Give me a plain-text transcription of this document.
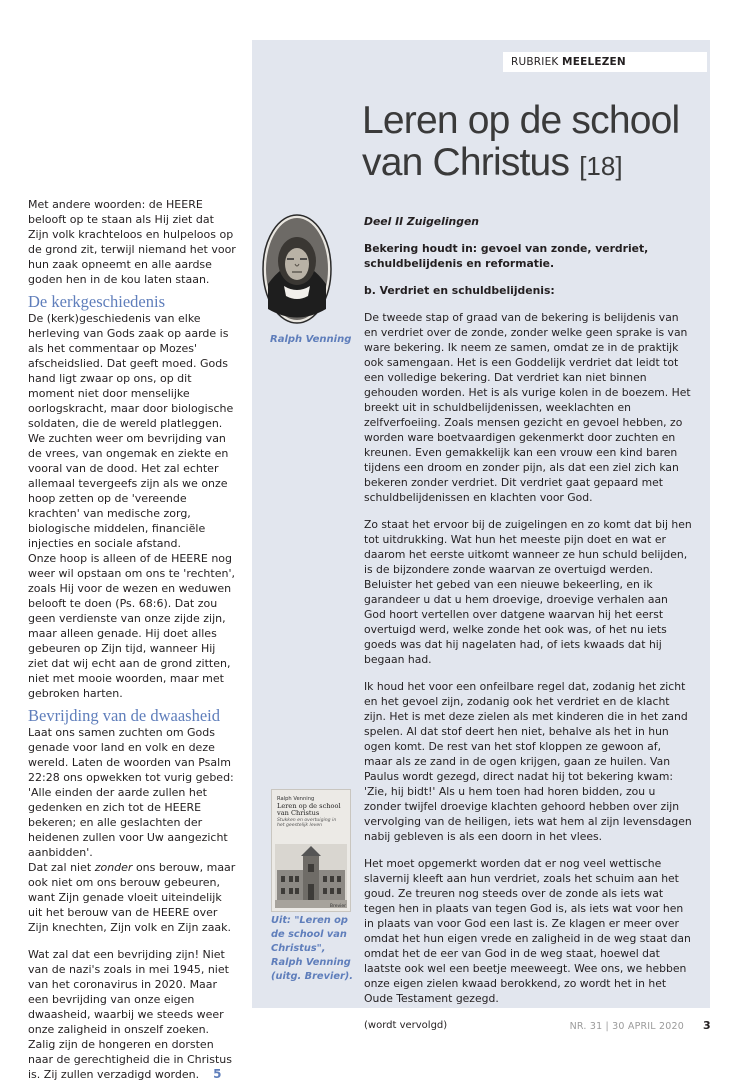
RUBRIEK MEELEZEN
Leren op de school
van Christus [18]

Met andere woorden: de HEERE belooft op te staan als Hij ziet dat Zijn volk krachteloos en hulpeloos op de grond zit, terwijl niemand het voor hun zaak opneemt en alle aardse goden hen in de kou laten staan.

De kerkgeschiedenis

De (kerk)geschiedenis van elke herleving van Gods zaak op aarde is als het commentaar op Mozes' afscheidslied. Dat geeft moed. Gods hand ligt zwaar op ons, op dit moment niet door menselijke oorlogskracht, maar door biologische soldaten, die de wereld platleggen. We zuchten weer om bevrijding van de vrees, van ongemak en ziekte en vooral van de dood. Het zal echter allemaal tevergeefs zijn als we onze hoop zetten op de 'vereende krachten' van medische zorg, biologische middelen, financiële injecties en sociale afstand.

Onze hoop is alleen of de HEERE nog weer wil opstaan om ons te 'rechten', zoals Hij voor de wezen en weduwen belooft te doen (Ps. 68:6). Dat zou geen verdienste van onze zijde zijn, maar alleen genade. Hij doet alles gebeuren op Zijn tijd, wanneer Hij ziet dat wij echt aan de grond zitten, niet met mooie woorden, maar met gebroken harten.

Bevrijding van de dwaasheid

Laat ons samen zuchten om Gods genade voor land en volk en deze wereld. Laten de woorden van Psalm 22:28 ons opwekken tot vurig gebed: 'Alle einden der aarde zullen het gedenken en zich tot de HEERE bekeren; en alle geslachten der heidenen zullen voor Uw aangezicht aanbidden'.

Dat zal niet zonder ons berouw, maar ook niet om ons berouw gebeuren, want Zijn genade vloeit uiteindelijk uit het berouw van de HEERE over Zijn knechten, Zijn volk en Zijn zaak.

Wat zal dat een bevrijding zijn! Niet van de nazi's zoals in mei 1945, niet van het coronavirus in 2020. Maar een bevrijding van onze eigen dwaasheid, waarbij we steeds weer onze zaligheid in onszelf zoeken. Zalig zijn de hongeren en dorsten naar de gerechtigheid die in Christus is. Zij zullen verzadigd worden. 5

Ralph Venning

Deel II Zuigelingen

Bekering houdt in: gevoel van zonde, verdriet, schuldbelijdenis en reformatie.

b. Verdriet en schuldbelijdenis:

De tweede stap of graad van de bekering is belijdenis van en verdriet over de zonde, zonder welke geen sprake is van ware bekering. Ik neem ze samen, omdat ze in de praktijk ook samengaan. Het is een Goddelijk verdriet dat leidt tot een volledige bekering. Dat verdriet kan niet binnen gehouden worden. Het is als vurige kolen in de boezem. Het breekt uit in schuldbelijdenissen, weeklachten en zelfverfoeiing. Zoals mensen gezicht en gevoel hebben, zo worden ware boetvaardigen gekenmerkt door zuchten en kreunen. Even gemakkelijk kan een vrouw een kind baren tijdens een droom en zonder pijn, als dat een ziel zich kan bekeren zonder verdriet. Dit verdriet gaat gepaard met schuldbelijdenissen en klachten voor God.

Zo staat het ervoor bij de zuigelingen en zo komt dat bij hen tot uitdrukking. Wat hun het meeste pijn doet en wat er daarom het eerste uitkomt wanneer ze hun schuld belijden, is de bijzondere zonde waarvan ze overtuigd werden. Beluister het gebed van een nieuwe bekeerling, en ik garandeer u dat u hem droevige, droevige verhalen aan God hoort vertellen over datgene waarvan hij het eerst overtuigd werd, welke zonde het ook was, of het nu iets goeds was dat hij nagelaten had, of iets kwaads dat hij begaan had.

Ik houd het voor een onfeilbare regel dat, zodanig het zicht en het gevoel zijn, zodanig ook het verdriet en de klacht zijn. Het is met deze zielen als met kinderen die in het zand spelen. Al dat stof deert hen niet, behalve als het in hun ogen komt. De rest van het stof kloppen ze gewoon af, maar als ze zand in de ogen krijgen, gaan ze huilen. Van Paulus wordt gezegd, direct nadat hij tot bekering kwam: 'Zie, hij bidt!' Als u hem toen had horen bidden, zou u zonder twijfel droevige klachten gehoord hebben over zijn vervolging van de heiligen, iets wat hem al zijn levensdagen nabij gebleven is als een doorn in het vlees.

Het moet opgemerkt worden dat er nog veel wettische slavernij kleeft aan hun verdriet, zoals het schuim aan het goud. Ze treuren nog steeds over de zonde als iets wat tegen hen in plaats van tegen God is, als iets wat voor hen in plaats van voor God een last is. Ze klagen er meer over omdat het hun eigen vrede en zaligheid in de weg staat dan omdat het de eer van God in de weg staat, hoewel dat laatste ook wel een beetje meeweegt. Wee ons, we hebben onze eigen zielen kwaad berokkend, zo wordt het in het Oude Testament gezegd.

(wordt vervolgd)

Ralph Venning
Leren op de school van Christus
Stukken en overtuiging in het geestelijk leven
Brevier
Uit: "Leren op de school van Christus", Ralph Venning (uitg. Brevier).
NR. 31 | 30 APRIL 2020 3
